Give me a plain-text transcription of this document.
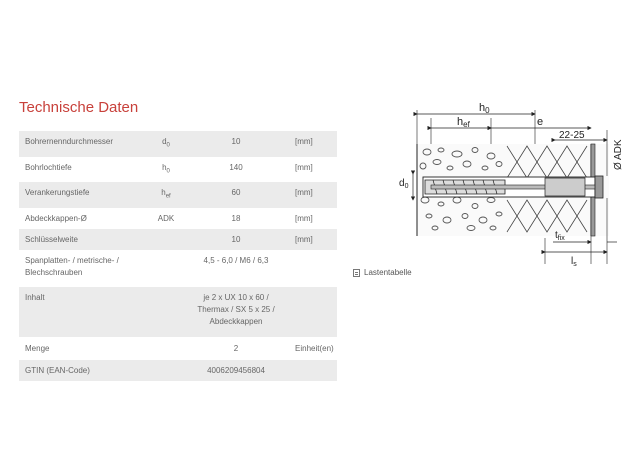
Technische Daten
Bohrernenndurchmesser	$d_0$	10	[mm]
Bohrlochtiefe	$h_0$	140	[mm]
Verankerungstiefe	$h_{ef}$	60	[mm]
Abdeckkappen-Ø	ADK	18	[mm]
Schlüsselweite		10	[mm]

Spanplatten- / metrische- /
Blechschrauben		4,5 - 6,0 / M6 / 6,3	
Inhalt		je 2 x UX 10 x 60 /
Thermax / SX 5 x 25 /
Abdeckkappen	

Menge		2	Einheit(en)
GTIN (EAN-Code)		4006209456804	
Lastentabelle
h0
hef	e
22-25
Ø ADK
$d_0$
$t_{fix}$
$l_s$
